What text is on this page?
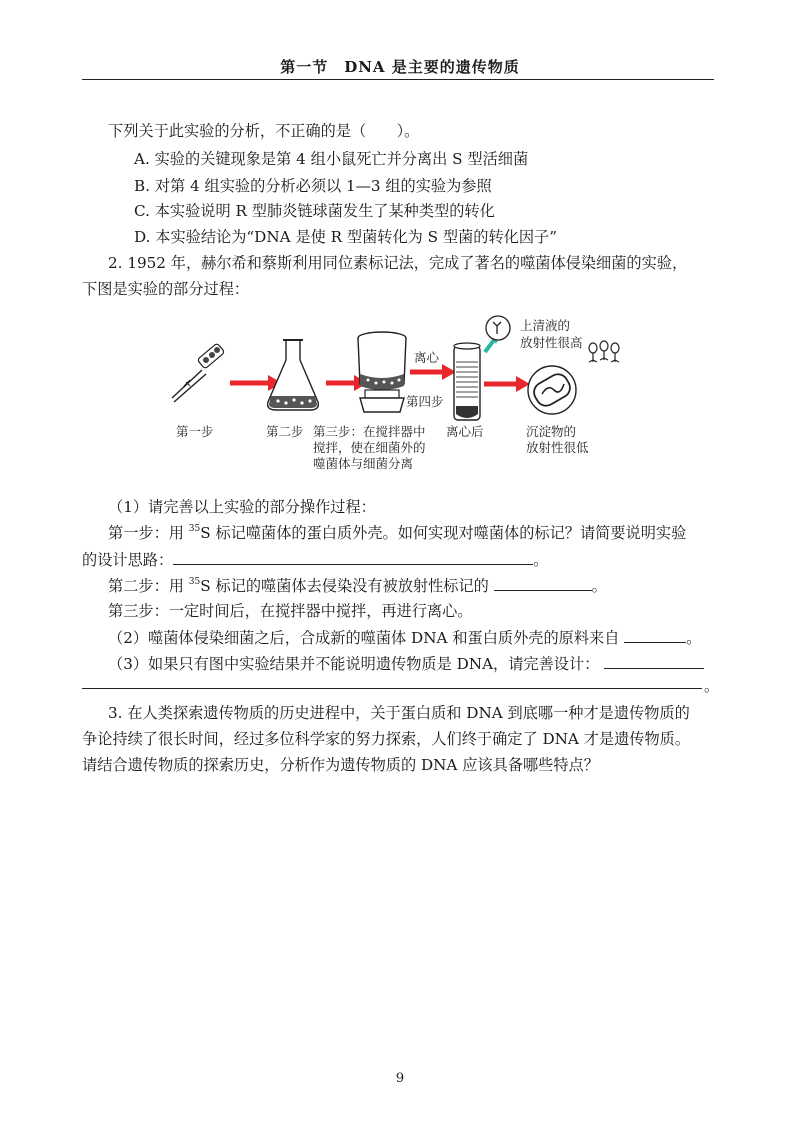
第一节　DNA 是主要的遗传物质
下列关于此实验的分析，不正确的是（　　）。
A. 实验的关键现象是第 4 组小鼠死亡并分离出 S 型活细菌
B. 对第 4 组实验的分析必须以 1—3 组的实验为参照
C. 本实验说明 R 型肺炎链球菌发生了某种类型的转化
D. 本实验结论为“DNA 是使 R 型菌转化为 S 型菌的转化因子”
2. 1952 年，赫尔希和蔡斯利用同位素标记法，完成了著名的噬菌体侵染细菌的实验，
下图是实验的部分过程：
第一步	第二步 第三步：在搅拌器中
搅拌，使在细菌外的
噬菌体与细菌分离
离心
第四步
离心后
上清液的
放射性很高
沉淀物的
放射性很低
（1）请完善以上实验的部分操作过程：
第一步：用 $^{35}$S 标记噬菌体的蛋白质外壳。如何实现对噬菌体的标记？请简要说明实验
的设计思路：	。
第二步：用 $^{35}$S 标记的噬菌体去侵染没有被放射性标记的	。
第三步：一定时间后，在搅拌器中搅拌，再进行离心。
（2）噬菌体侵染细菌之后，合成新的噬菌体 DNA 和蛋白质外壳的原料来自	。
（3）如果只有图中实验结果并不能说明遗传物质是 DNA，请完善设计：
。
3. 在人类探索遗传物质的历史进程中，关于蛋白质和 DNA 到底哪一种才是遗传物质的
争论持续了很长时间，经过多位科学家的努力探索，人们终于确定了 DNA 才是遗传物质。
请结合遗传物质的探索历史，分析作为遗传物质的 DNA 应该具备哪些特点？
9
